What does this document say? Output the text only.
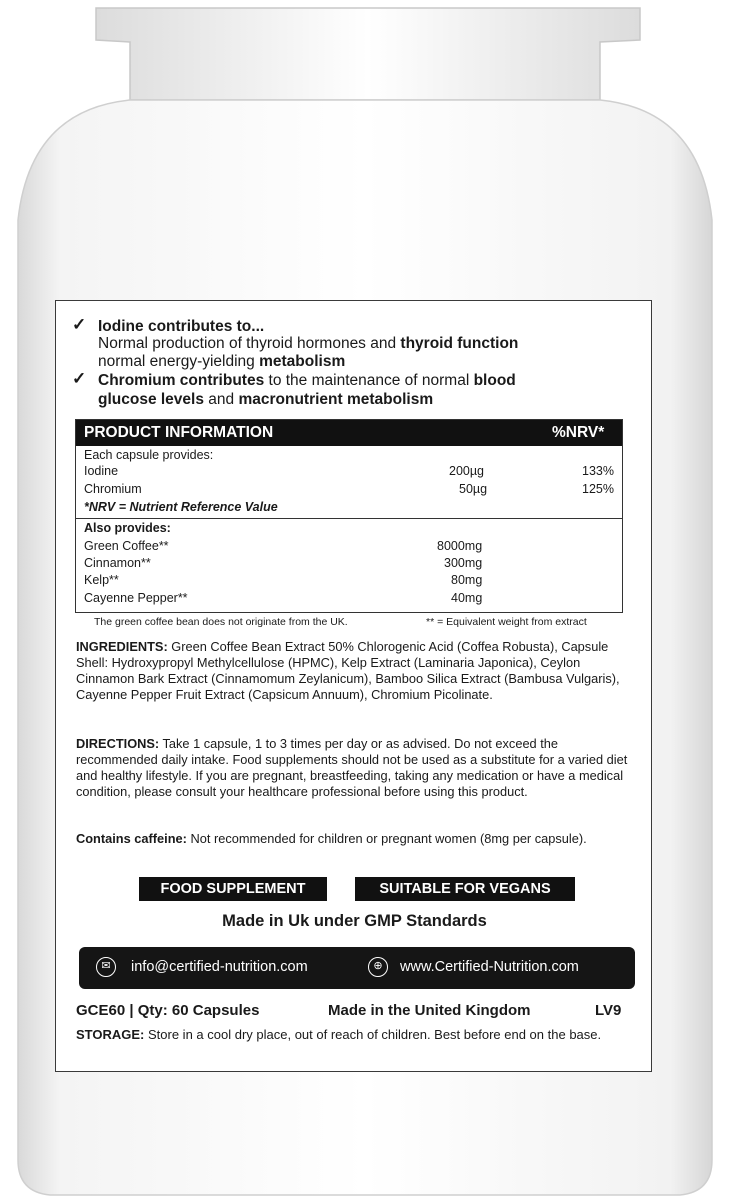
✓ Iodine contributes to...
Normal production of thyroid hormones and thyroid function
normal energy-yielding metabolism
✓ Chromium contributes to the maintenance of normal blood
glucose levels and macronutrient metabolism
PRODUCT INFORMATION	%NRV*
Each capsule provides:
Iodine	200µg	133%
Chromium	50µg	125%
*NRV = Nutrient Reference Value
Also provides:
Green Coffee**	8000mg
Cinnamon**	300mg
Kelp**	80mg
Cayenne Pepper**	40mg
The green coffee bean does not originate from the UK.	** = Equivalent weight from extract
INGREDIENTS: Green Coffee Bean Extract 50% Chlorogenic Acid (Coffea Robusta), Capsule Shell: Hydroxypropyl Methylcellulose (HPMC), Kelp Extract (Laminaria Japonica), Ceylon Cinnamon Bark Extract (Cinnamomum Zeylanicum), Bamboo Silica Extract (Bambusa Vulgaris), Cayenne Pepper Fruit Extract (Capsicum Annuum), Chromium Picolinate.
DIRECTIONS: Take 1 capsule, 1 to 3 times per day or as advised. Do not exceed the recommended daily intake. Food supplements should not be used as a substitute for a varied diet and healthy lifestyle. If you are pregnant, breastfeeding, taking any medication or have a medical condition, please consult your healthcare professional before using this product.
Contains caffeine: Not recommended for children or pregnant women (8mg per capsule).
FOOD SUPPLEMENT	SUITABLE FOR VEGANS
Made in Uk under GMP Standards
✉	info@certified-nutrition.com	⊕	www.Certified-Nutrition.com
GCE60 | Qty: 60 Capsules	Made in the United Kingdom	LV9
STORAGE: Store in a cool dry place, out of reach of children. Best before end on the base.
